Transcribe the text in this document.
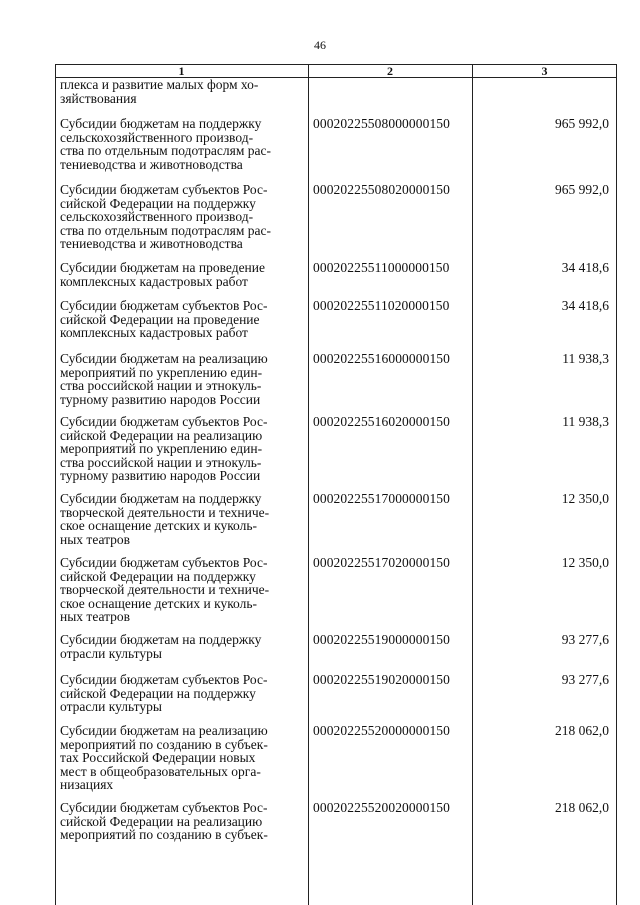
46
1	2	3
плекса и развитие малых форм хо-
зяйствования
Субсидии бюджетам на поддержку
сельскохозяйственного производ-
ства по отдельным подотраслям рас-
тениеводства и животноводства
00020225508000000150	965 992,0
Субсидии бюджетам субъектов Рос-
сийской Федерации на поддержку
сельскохозяйственного производ-
ства по отдельным подотраслям рас-
тениеводства и животноводства
00020225508020000150	965 992,0
Субсидии бюджетам на проведение
комплексных кадастровых работ
00020225511000000150	34 418,6
Субсидии бюджетам субъектов Рос-
сийской Федерации на проведение
комплексных кадастровых работ
00020225511020000150	34 418,6
Субсидии бюджетам на реализацию
мероприятий по укреплению един-
ства российской нации и этнокуль-
турному развитию народов России
00020225516000000150	11 938,3
Субсидии бюджетам субъектов Рос-
сийской Федерации на реализацию
мероприятий по укреплению един-
ства российской нации и этнокуль-
турному развитию народов России
00020225516020000150	11 938,3
Субсидии бюджетам на поддержку
творческой деятельности и техниче-
ское оснащение детских и куколь-
ных театров
00020225517000000150	12 350,0
Субсидии бюджетам субъектов Рос-
сийской Федерации на поддержку
творческой деятельности и техниче-
ское оснащение детских и куколь-
ных театров
00020225517020000150	12 350,0
Субсидии бюджетам на поддержку
отрасли культуры
00020225519000000150	93 277,6
Субсидии бюджетам субъектов Рос-
сийской Федерации на поддержку
отрасли культуры
00020225519020000150	93 277,6
Субсидии бюджетам на реализацию
мероприятий по созданию в субъек-
тах Российской Федерации новых
мест в общеобразовательных орга-
низациях
00020225520000000150	218 062,0
Субсидии бюджетам субъектов Рос-
сийской Федерации на реализацию
мероприятий по созданию в субъек-
00020225520020000150	218 062,0
